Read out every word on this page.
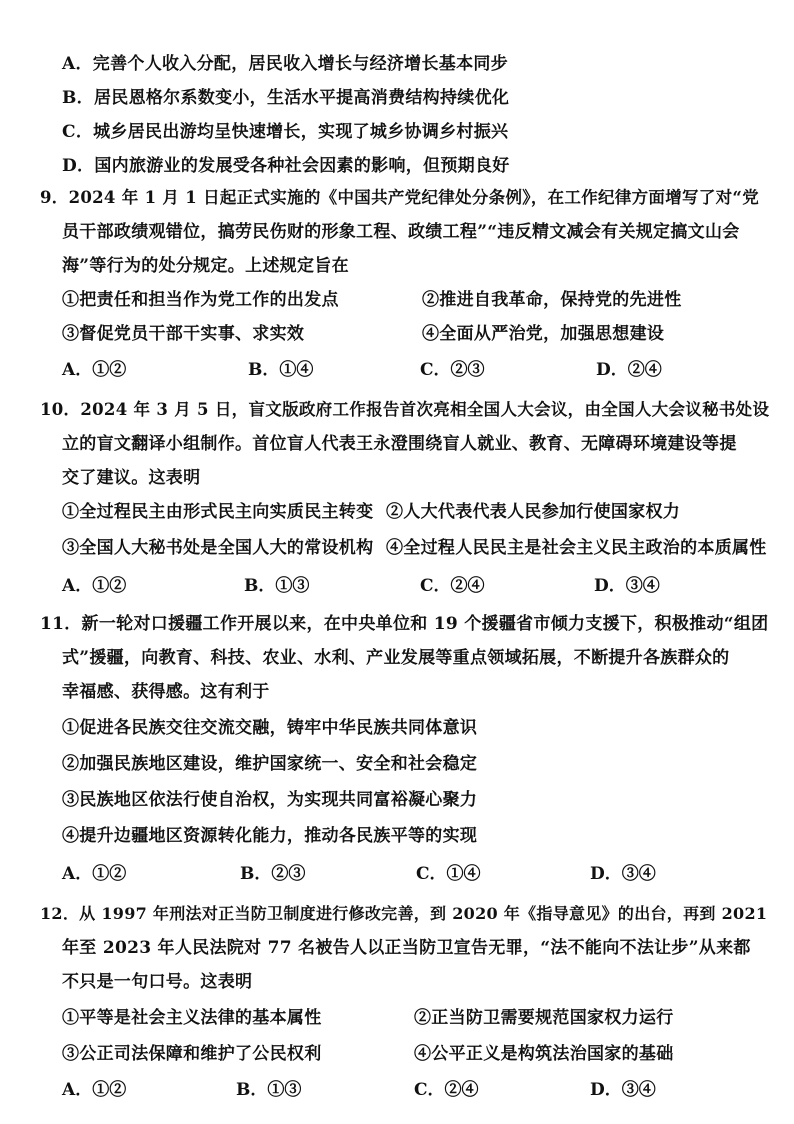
A．完善个人收入分配，居民收入增长与经济增长基本同步
B．居民恩格尔系数变小，生活水平提高消费结构持续优化
C．城乡居民出游均呈快速增长，实现了城乡协调乡村振兴
D．国内旅游业的发展受各种社会因素的影响，但预期良好
9．2024 年 1 月 1 日起正式实施的《中国共产党纪律处分条例》，在工作纪律方面增写了对“党
员干部政绩观错位，搞劳民伤财的形象工程、政绩工程”“违反精文减会有关规定搞文山会
海”等行为的处分规定。上述规定旨在
①把责任和担当作为党工作的出发点	②推进自我革命，保持党的先进性
③督促党员干部干实事、求实效	④全面从严治党，加强思想建设
A．①②	B．①④	C．②③	D．②④
10．2024 年 3 月 5 日，盲文版政府工作报告首次亮相全国人大会议，由全国人大会议秘书处设
立的盲文翻译小组制作。首位盲人代表王永澄围绕盲人就业、教育、无障碍环境建设等提
交了建议。这表明
①全过程民主由形式民主向实质民主转变 ②人大代表代表人民参加行使国家权力
③全国人大秘书处是全国人大的常设机构 ④全过程人民民主是社会主义民主政治的本质属性
A．①②	B．①③	C．②④	D．③④
11．新一轮对口援疆工作开展以来，在中央单位和 19 个援疆省市倾力支援下，积极推动“组团
式”援疆，向教育、科技、农业、水利、产业发展等重点领域拓展，不断提升各族群众的
幸福感、获得感。这有利于
①促进各民族交往交流交融，铸牢中华民族共同体意识
②加强民族地区建设，维护国家统一、安全和社会稳定
③民族地区依法行使自治权，为实现共同富裕凝心聚力
④提升边疆地区资源转化能力，推动各民族平等的实现
A．①②	B．②③	C．①④	D．③④
12．从 1997 年刑法对正当防卫制度进行修改完善，到 2020 年《指导意见》的出台，再到 2021
年至 2023 年人民法院对 77 名被告人以正当防卫宣告无罪，“法不能向不法让步”从来都
不只是一句口号。这表明
①平等是社会主义法律的基本属性	②正当防卫需要规范国家权力运行
③公正司法保障和维护了公民权利	④公平正义是构筑法治国家的基础
A．①②	B．①③	C．②④	D．③④
